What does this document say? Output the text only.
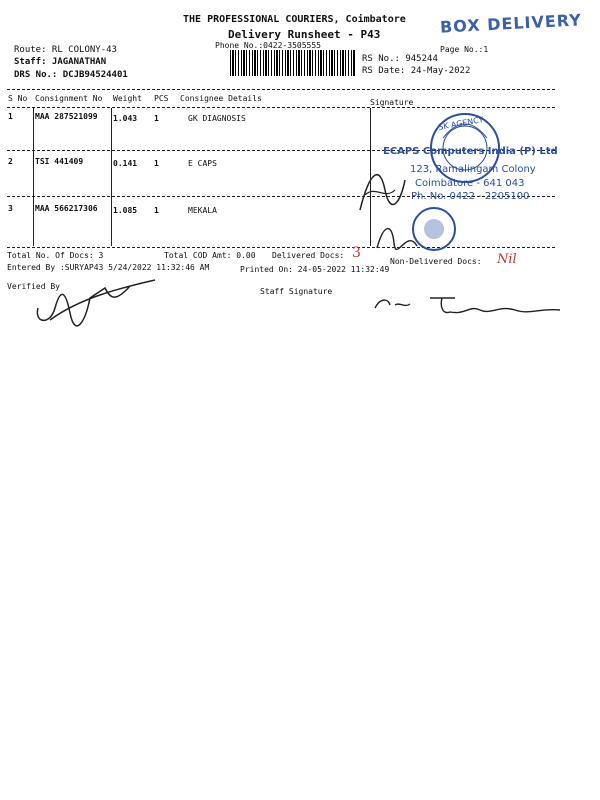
THE PROFESSIONAL COURIERS, Coimbatore
Delivery Runsheet - P43
Phone No.:0422-3505555
BOX DELIVERY
Page No.:1
Route: RL COLONY-43
Staff: JAGANATHAN
DRS No.: DCJB94524401
RS No.: 945244
RS Date: 24-May-2022
S No Consignment No Weight PCS Consignee Details	Signature
1	MAA 287521099 1.043 1	GK DIAGNOSIS
2	TSI 441409	0.141 1	E CAPS
3	MAA 566217306 1.085 1	MEKALA
SK AGENCY
ECAPS Computers India (P) Ltd
123, Ramalingam Colony
Coimbatore - 641 043
Ph. No. 0422 - 2205100
Total No. Of Docs: 3	Total COD Amt: 0.00 Delivered Docs: 3
Non-Delivered Docs: Nil
Entered By :SURYAP43 5/24/2022 11:32:46 AM	Printed On: 24-05-2022 11:32:49
Verified By
Staff Signature
